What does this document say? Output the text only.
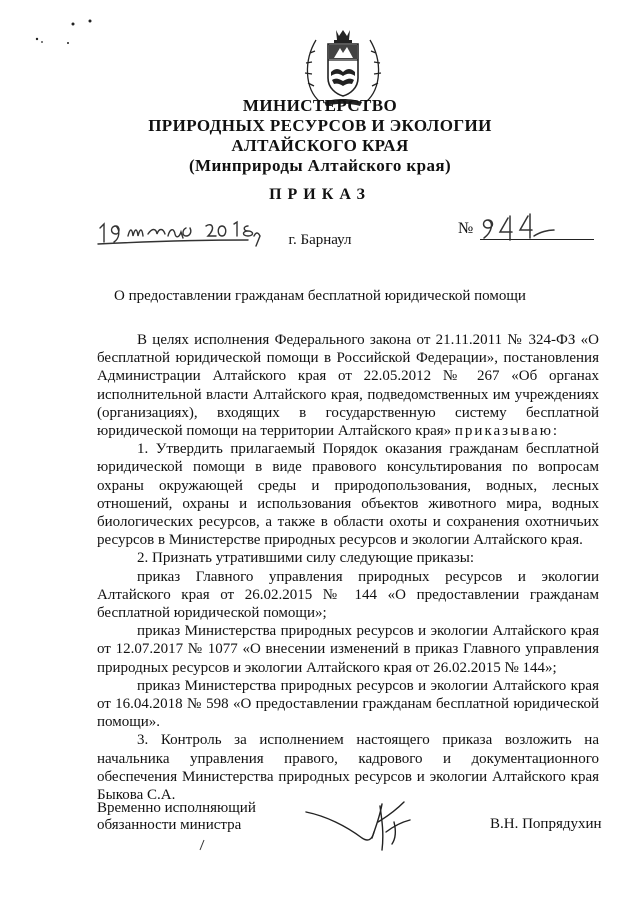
МИНИСТЕРСТВО
ПРИРОДНЫХ РЕСУРСОВ И ЭКОЛОГИИ
АЛТАЙСКОГО КРАЯ
(Минприроды Алтайского края)
ПРИКАЗ
№
г. Барнаул
О предоставлении гражданам бесплатной юридической помощи

В целях исполнения Федерального закона от 21.11.2011 № 324-ФЗ «О бесплатной юридической помощи в Российской Федерации», постановления Администрации Алтайского края от 22.05.2012 № 267 «Об органах исполнительной власти Алтайского края, подведомственных им учреждениях (организациях), входящих в государственную систему бесплатной юридической помощи на территории Алтайского края» приказываю:

1. Утвердить прилагаемый Порядок оказания гражданам бесплатной юридической помощи в виде правового консультирования по вопросам охраны окружающей среды и природопользования, водных, лесных отношений, охраны и использования объектов животного мира, водных биологических ресурсов, а также в области охоты и сохранения охотничьих ресурсов в Министерстве природных ресурсов и экологии Алтайского края.

2. Признать утратившими силу следующие приказы:

приказ Главного управления природных ресурсов и экологии Алтайского края от 26.02.2015 № 144 «О предоставлении гражданам бесплатной юридической помощи»;

приказ Министерства природных ресурсов и экологии Алтайского края от 12.07.2017 № 1077 «О внесении изменений в приказ Главного управления природных ресурсов и экологии Алтайского края от 26.02.2015 № 144»;

приказ Министерства природных ресурсов и экологии Алтайского края от 16.04.2018 № 598 «О предоставлении гражданам бесплатной юридической помощи».

3. Контроль за исполнением настоящего приказа возложить на начальника управления правого, кадрового и документационного обеспечения Министерства природных ресурсов и экологии Алтайского края Быкова С.А.

Временно исполняющий
обязанности министра	В.Н. Попрядухин
